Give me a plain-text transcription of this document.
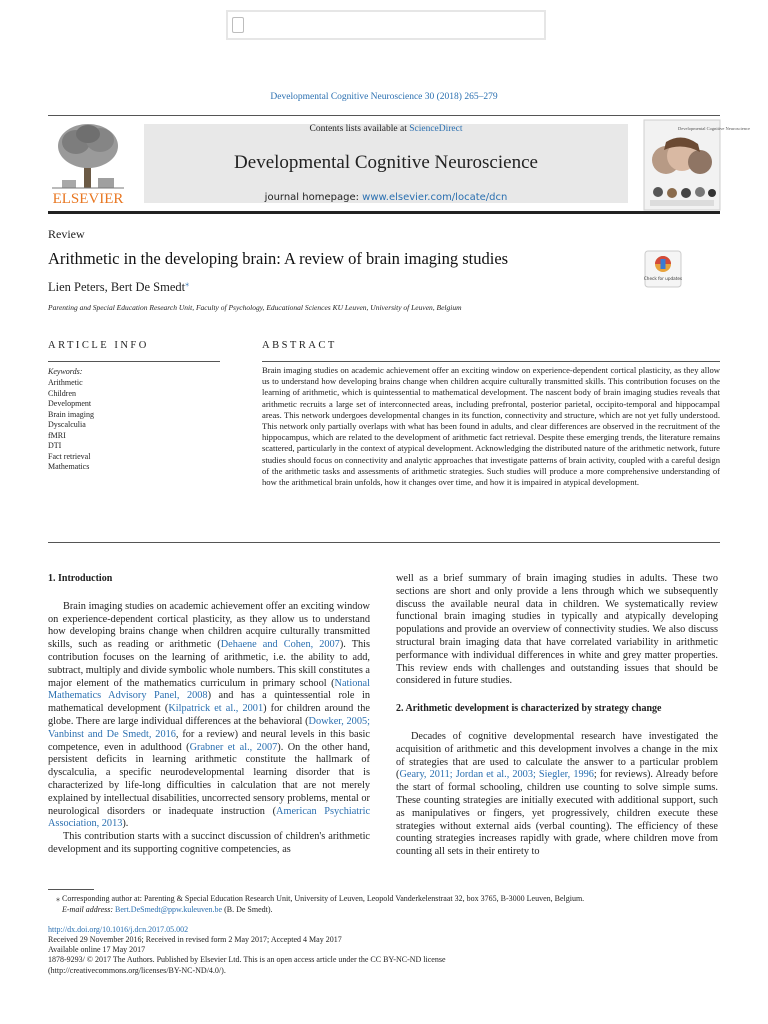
Developmental Cognitive Neuroscience 30 (2018) 265–279
ELSEVIER
Contents lists available at ScienceDirect
Developmental Cognitive Neuroscience
journal homepage: www.elsevier.com/locate/dcn
Developmental Cognitive Neuroscience
Review
Arithmetic in the developing brain: A review of brain imaging studies
Check for updates
Lien Peters, Bert De Smedt⁎
Parenting and Special Education Research Unit, Faculty of Psychology, Educational Sciences KU Leuven, University of Leuven, Belgium
ARTICLE INFO
Keywords:
Arithmetic
Children
Development
Brain imaging
Dyscalculia
fMRI
DTI
Fact retrieval
Mathematics
ABSTRACT
Brain imaging studies on academic achievement offer an exciting window on experience-dependent cortical plasticity, as they allow us to understand how developing brains change when children acquire culturally transmitted skills. This contribution focuses on the learning of arithmetic, which is quintessential to mathematical development. The nascent body of brain imaging studies reveals that arithmetic recruits a large set of interconnected areas, including prefrontal, posterior parietal, occipito-temporal and hippocampal areas. This network undergoes developmental changes in its function, connectivity and structure, which are not yet fully understood. This network only partially overlaps with what has been found in adults, and clear differences are observed in the recruitment of the hippocampus, which are related to the development of arithmetic fact retrieval. Despite these emerging trends, the literature remains scattered, particularly in the context of atypical development. Acknowledging the distributed nature of the arithmetic network, future studies should focus on connectivity and analytic approaches that investigate patterns of brain activity, coupled with a careful design of the arithmetic tasks and assessments of arithmetic strategies. Such studies will produce a more comprehensive understanding of how the arithmetical brain unfolds, how it changes over time, and how it is impaired in atypical development.
1. Introduction

Brain imaging studies on academic achievement offer an exciting window on experience-dependent cortical plasticity, as they allow us to understand how developing brains change when children acquire culturally transmitted skills, such as reading or arithmetic (Dehaene and Cohen, 2007). This contribution focuses on the learning of arithmetic, i.e. the ability to add, subtract, multiply and divide symbolic whole numbers. This skill constitutes a major element of the mathematics curriculum in primary school (National Mathematics Advisory Panel, 2008) and has a quintessential role in mathematical development (Kilpatrick et al., 2001) for children around the globe. There are large individual differences at the behavioral (Dowker, 2005; Vanbinst and De Smedt, 2016, for a review) and neural levels in this basic competence, even in adulthood (Grabner et al., 2007). On the other hand, persistent deficits in learning arithmetic constitute the hallmark of dyscalculia, a specific neurodevelopmental learning disorder that is characterized by life-long difficulties in calculation that are not merely explained by intellectual disabilities, uncorrected sensory problems, mental or neurological disorders or inadequate instruction (American Psychiatric Association, 2013).

This contribution starts with a succinct discussion of children's arithmetic development and its supporting cognitive competencies, as

well as a brief summary of brain imaging studies in adults. These two sections are short and only provide a lens through which we subsequently discuss the available neural data in children. We systematically review functional brain imaging studies in typically and atypically developing populations and provide an overview of connectivity studies. We also discuss structural brain imaging data that have correlated variability in arithmetic performance with individual differences in white and grey matter properties. This review ends with challenges and outstanding issues that should be considered in future studies.

2. Arithmetic development is characterized by strategy change

Decades of cognitive developmental research have investigated the acquisition of arithmetic and this development involves a change in the mix of strategies that are used to calculate the answer to a particular problem (Geary, 2011; Jordan et al., 2003; Siegler, 1996; for reviews). Already before the start of formal schooling, children use counting to solve simple sums. These counting strategies are initially executed with additional support, such as manipulatives or fingers, yet progressively, children execute these strategies without external aids (verbal counting). The efficiency of these counting strategies increases rapidly with grade, where children move from counting all sets in their entirety to

⁎ Corresponding author at: Parenting & Special Education Research Unit, University of Leuven, Leopold Vanderkelenstraat 32, box 3765, B-3000 Leuven, Belgium.
E-mail address: Bert.DeSmedt@ppw.kuleuven.be (B. De Smedt).
http://dx.doi.org/10.1016/j.dcn.2017.05.002
Received 29 November 2016; Received in revised form 2 May 2017; Accepted 4 May 2017
Available online 17 May 2017
1878-9293/ © 2017 The Authors. Published by Elsevier Ltd. This is an open access article under the CC BY-NC-ND license
(http://creativecommons.org/licenses/BY-NC-ND/4.0/).
